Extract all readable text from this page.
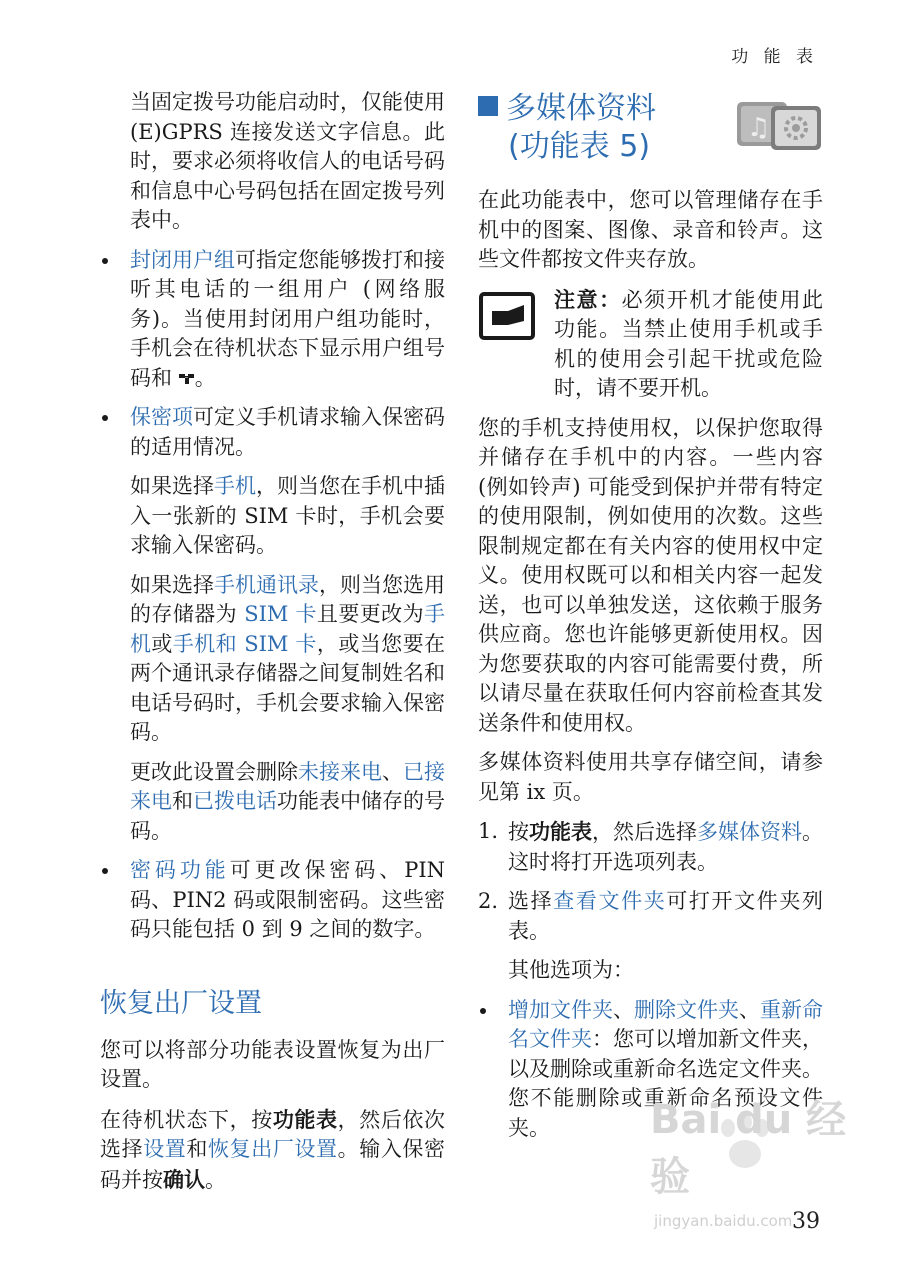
功 能 表

当固定拨号功能启动时，仅能使用 (E)GPRS 连接发送文字信息。此时，要求必须将收信人的电话号码和信息中心号码包括在固定拨号列表中。

封闭用户组可指定您能够拨打和接听其电话的一组用户 (网络服务)。当使用封闭用户组功能时，手机会在待机状态下显示用户组号码和 。

保密项可定义手机请求输入保密码的适用情况。

如果选择手机，则当您在手机中插入一张新的 SIM 卡时，手机会要求输入保密码。

如果选择手机通讯录，则当您选用的存储器为 SIM 卡且要更改为手机或手机和 SIM 卡，或当您要在两个通讯录存储器之间复制姓名和电话号码时，手机会要求输入保密码。

更改此设置会删除未接来电、已接来电和已拨电话功能表中储存的号码。

密码功能可更改保密码、PIN 码、PIN2 码或限制密码。这些密码只能包括 0 到 9 之间的数字。

恢复出厂设置

您可以将部分功能表设置恢复为出厂设置。

在待机状态下，按功能表，然后依次选择设置和恢复出厂设置。输入保密码并按确认。

多媒体资料
(功能表 5)
♫

在此功能表中，您可以管理储存在手机中的图案、图像、录音和铃声。这些文件都按文件夹存放。

注意：必须开机才能使用此功能。当禁止使用手机或手机的使用会引起干扰或危险时，请不要开机。

您的手机支持使用权，以保护您取得并储存在手机中的内容。一些内容 (例如铃声) 可能受到保护并带有特定的使用限制，例如使用的次数。这些限制规定都在有关内容的使用权中定义。使用权既可以和相关内容一起发送，也可以单独发送，这依赖于服务供应商。您也许能够更新使用权。因为您要获取的内容可能需要付费，所以请尽量在获取任何内容前检查其发送条件和使用权。

多媒体资料使用共享存储空间，请参见第 ix 页。

1. 按功能表，然后选择多媒体资料。这时将打开选项列表。

2. 选择查看文件夹可打开文件夹列表。

其他选项为：

增加文件夹、删除文件夹、重新命名文件夹：您可以增加新文件夹，以及删除或重新命名选定文件夹。您不能删除或重新命名预设文件夹。	Bai du 经验
jingyan.baidu.com 39
